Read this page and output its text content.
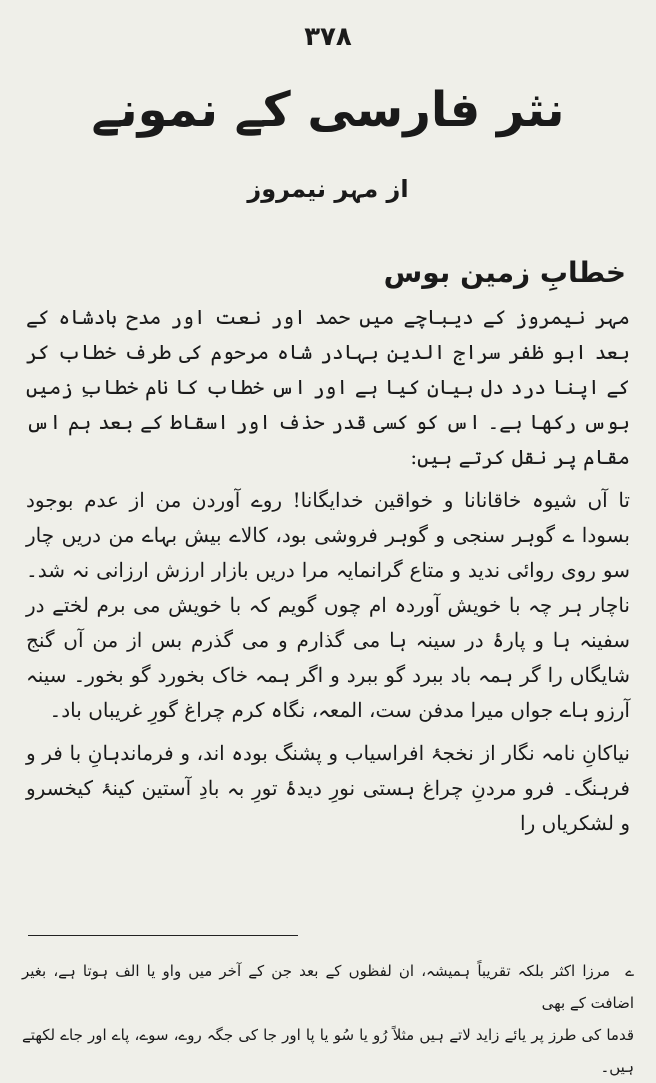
٣٧٨
نثر فارسی کے نمونے
از مہر نیمروز
خطابِ زمین بوس

مہر نیمروز کے دیباچے میں حمد اور نعت اور مدح بادشاہ کے بعد ابو ظفر سراج الدین بہادر شاہ مرحوم کی طرف خطاب کر کے اپنا درد دل بیان کیا ہے اور اس خطاب کا نام خطابِ زمیں بوس رکھا ہے۔ اس کو کسی قدر حذف اور اسقاط کے بعد ہم اس مقام پر نقل کرتے ہیں:

تا آں شیوہ خاقانانا و خواقین خدایگانا! روے آوردن من از عدم بوجود بسودا ے گوہر سنجی و گوہر فروشی بود، کالاے بیش بہاے من دریں چار سو روی روائی ندید و متاع گرانمایہ مرا دریں بازار ارزش ارزانی نہ شد۔ ناچار ہر چہ با خویش آوردہ ام چوں گویم کہ با خویش می برم لختے در سفینہ ہا و پارۂ در سینہ ہا می گذارم و می گذرم بس از من آں گنج شایگاں را گر ہمہ باد ببرد گو ببرد و اگر ہمہ خاک بخورد گو بخور۔ سینہ آرزو ہاے جواں میرا مدفن ست، المعہ، نگاہ کرم چراغ گورِ غریباں باد۔

نیاکانِ نامہ نگار از نخجۂ افراسیاب و پشنگ بودہ اند، و فرماندہانِ با فر و فرہنگ۔ فرو مردنِ چراغ ہستی نورِ دیدۂ تورِ بہ بادِ آستین کینۂ کیخسرو و لشکریاں را

ے مرزا اکثر بلکہ تقریباً ہمیشہ، ان لفظوں کے بعد جن کے آخر میں واو یا الف ہوتا ہے، بغیر اضافت کے بھی

قدما کی طرز پر یائے زاید لاتے ہیں مثلاً رُو یا سُو یا پا اور جا کی جگہ روے، سوے، پاے اور جاے لکھتے ہیں۔
